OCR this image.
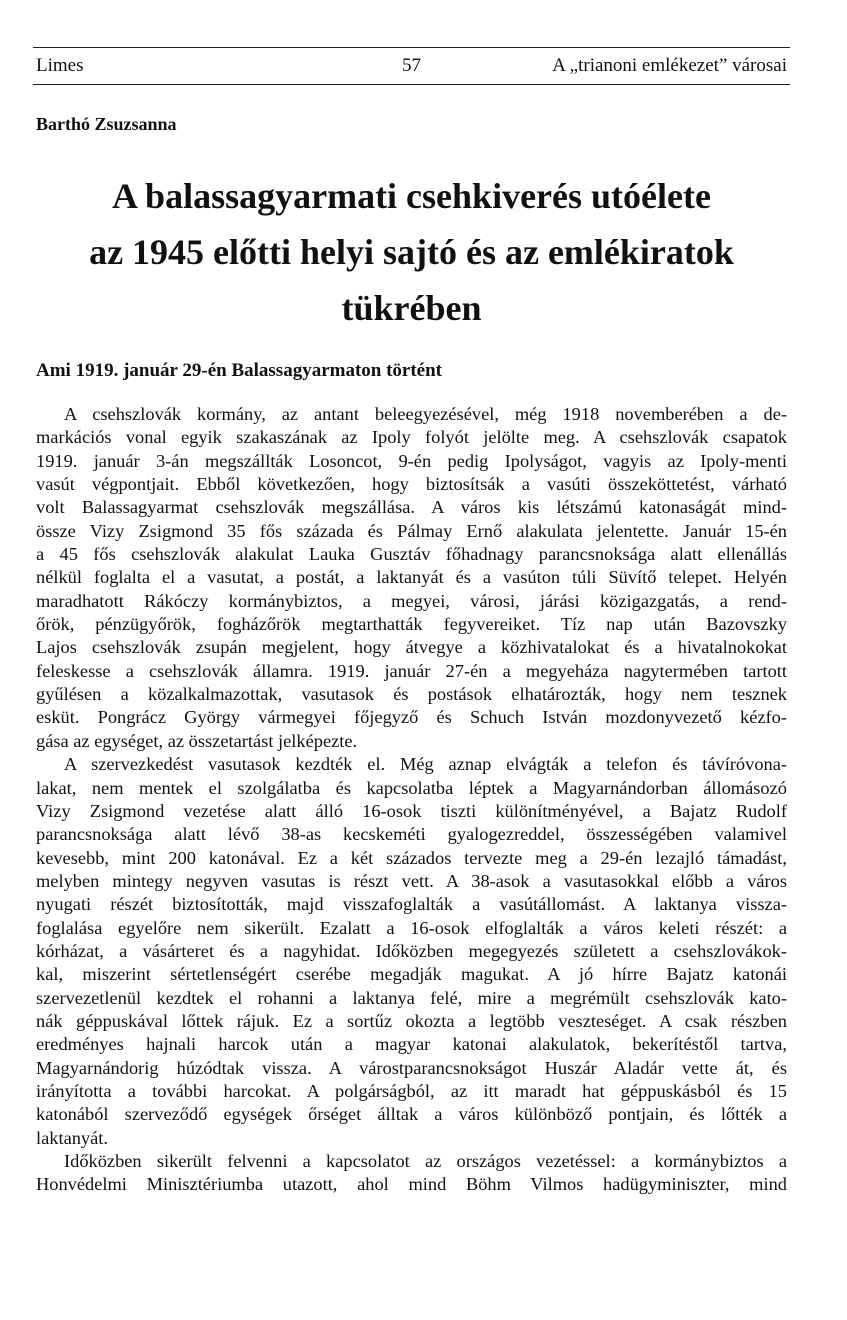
Limes	57	A „trianoni emlékezet” városai
Barthó Zsuzsanna
A balassagyarmati csehkiverés utóélete
az 1945 előtti helyi sajtó és az emlékiratok
tükrében
Ami 1919. január 29-én Balassagyarmaton történt
A csehszlovák kormány, az antant beleegyezésével, még 1918 novemberében a de-
markációs vonal egyik szakaszának az Ipoly folyót jelölte meg. A csehszlovák csapatok
1919. január 3-án megszállták Losoncot, 9-én pedig Ipolyságot, vagyis az Ipoly-menti
vasút végpontjait. Ebből következően, hogy biztosítsák a vasúti összeköttetést, várható
volt Balassagyarmat csehszlovák megszállása. A város kis létszámú katonaságát mind-
össze Vizy Zsigmond 35 fős százada és Pálmay Ernő alakulata jelentette. Január 15-én
a 45 fős csehszlovák alakulat Lauka Gusztáv főhadnagy parancsnoksága alatt ellenállás
nélkül foglalta el a vasutat, a postát, a laktanyát és a vasúton túli Süvítő telepet. Helyén
maradhatott Rákóczy kormánybiztos, a megyei, városi, járási közigazgatás, a rend-
őrök, pénzügyőrök, fogházőrök megtarthatták fegyvereiket. Tíz nap után Bazovszky
Lajos csehszlovák zsupán megjelent, hogy átvegye a közhivatalokat és a hivatalnokokat
feleskesse a csehszlovák államra. 1919. január 27-én a megyeháza nagytermében tartott
gyűlésen a közalkalmazottak, vasutasok és postások elhatározták, hogy nem tesznek
esküt. Pongrácz György vármegyei főjegyző és Schuch István mozdonyvezető kézfo-
gása az egységet, az összetartást jelképezte.
A szervezkedést vasutasok kezdték el. Még aznap elvágták a telefon és távíróvona-
lakat, nem mentek el szolgálatba és kapcsolatba léptek a Magyarnándorban állomásozó
Vizy Zsigmond vezetése alatt álló 16-osok tiszti különítményével, a Bajatz Rudolf
parancsnoksága alatt lévő 38-as kecskeméti gyalogezreddel, összességében valamivel
kevesebb, mint 200 katonával. Ez a két százados tervezte meg a 29-én lezajló támadást,
melyben mintegy negyven vasutas is részt vett. A 38-asok a vasutasokkal előbb a város
nyugati részét biztosították, majd visszafoglalták a vasútállomást. A laktanya vissza-
foglalása egyelőre nem sikerült. Ezalatt a 16-osok elfoglalták a város keleti részét: a
kórházat, a vásárteret és a nagyhidat. Időközben megegyezés született a csehszlovákok-
kal, miszerint sértetlenségért cserébe megadják magukat. A jó hírre Bajatz katonái
szervezetlenül kezdtek el rohanni a laktanya felé, mire a megrémült csehszlovák kato-
nák géppuskával lőttek rájuk. Ez a sortűz okozta a legtöbb veszteséget. A csak részben
eredményes hajnali harcok után a magyar katonai alakulatok, bekerítéstől tartva,
Magyarnándorig húzódtak vissza. A várostparancsnokságot Huszár Aladár vette át, és
irányította a további harcokat. A polgárságból, az itt maradt hat géppuskásból és 15
katonából szerveződő egységek őrséget álltak a város különböző pontjain, és lőtték a
laktanyát.
Időközben sikerült felvenni a kapcsolatot az országos vezetéssel: a kormánybiztos a
Honvédelmi Minisztériumba utazott, ahol mind Böhm Vilmos hadügyminiszter, mind
